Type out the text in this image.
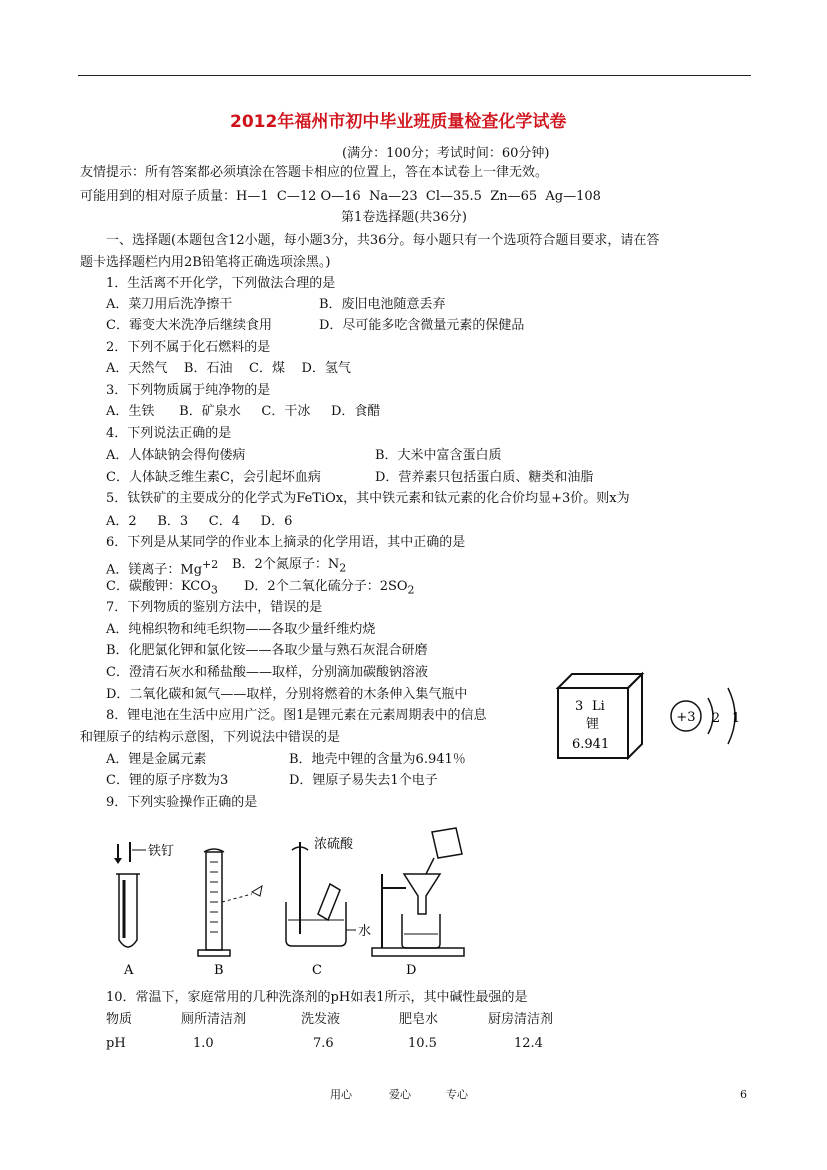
2012年福州市初中毕业班质量检查化学试卷
(满分：100分；考试时间：60分钟)
友情提示：所有答案都必须填涂在答题卡相应的位置上，答在本试卷上一律无效。
可能用到的相对原子质量：H—1  C—12 O—16  Na—23  Cl—35.5  Zn—65  Ag—108
第1卷选择题(共36分)
一、选择题(本题包含12小题，每小题3分，共36分。每小题只有一个选项符合题目要求，请在答
题卡选择题栏内用2B铅笔将正确选项涂黑。)
1．生活离不开化学，下列做法合理的是
A．菜刀用后洗净擦干	B．废旧电池随意丢弃
C．霉变大米洗净后继续食用	D．尽可能多吃含微量元素的保健品
2．下列不属于化石燃料的是
A．天然气    B．石油    C．煤    D．氢气
3．下列物质属于纯净物的是
A．生铁      B．矿泉水     C．干冰     D．食醋
4．下列说法正确的是
A．人体缺钠会得佝偻病	B．大米中富含蛋白质
C．人体缺乏维生素C，会引起坏血病	D．营养素只包括蛋白质、糖类和油脂
5．钛铁矿的主要成分的化学式为FeTiOx，其中铁元素和钛元素的化合价均显+3价。则x为
A．2     B．3     C．4     D．6
6．下列是从某同学的作业本上摘录的化学用语，其中正确的是
A．镁离子：$Mg^{+2}$ B．2个氮原子：$N_2$
C．碳酸钾：$KCO_3$ D．2个二氧化硫分子：$2SO_2$
7．下列物质的鉴别方法中，错误的是
A．纯棉织物和纯毛织物——各取少量纤维灼烧
B．化肥氯化钾和氯化铵——各取少量与熟石灰混合研磨
C．澄清石灰水和稀盐酸——取样，分别滴加碳酸钠溶液
D．二氧化碳和氮气——取样，分别将燃着的木条伸入集气瓶中
3 Li
锂
6.941
+3 2 1
8．锂电池在生活中应用广泛。图1是锂元素在元素周期表中的信息
和锂原子的结构示意图，下列说法中错误的是
A．锂是金属元素	B．地壳中锂的含量为6.941％
C．锂的原子序数为3	D．锂原子易失去1个电子
9．下列实验操作正确的是
铁钉
A	B
浓硫酸
水
C	D
10．常温下，家庭常用的几种洗涤剂的pH如表1所示，其中碱性最强的是
物质	厕所清洁剂	洗发液	肥皂水	厨房清洁剂
pH	1.0	7.6	10.5	12.4
用心	爱心	专心	6
